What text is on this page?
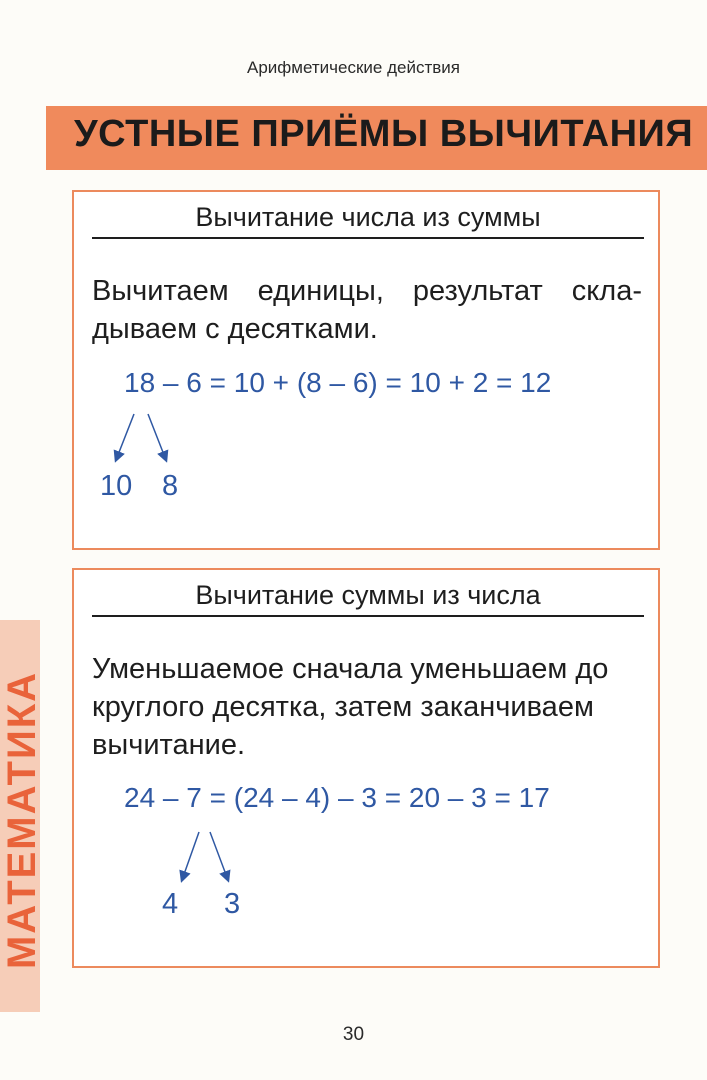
Арифметические действия
УСТНЫЕ ПРИЁМЫ ВЫЧИТАНИЯ
Вычитание числа из суммы
Вычитаем единицы, результат скла-дываем с десятками.
18 – 6 = 10 + (8 – 6) = 10 + 2 = 12
10 8
Вычитание суммы из числа
Уменьшаемое сначала уменьшаем до круглого десятка, затем заканчиваем вычитание.
24 – 7 = (24 – 4) – 3 = 20 – 3 = 17
4 3
МАТЕМАТИКА
30
